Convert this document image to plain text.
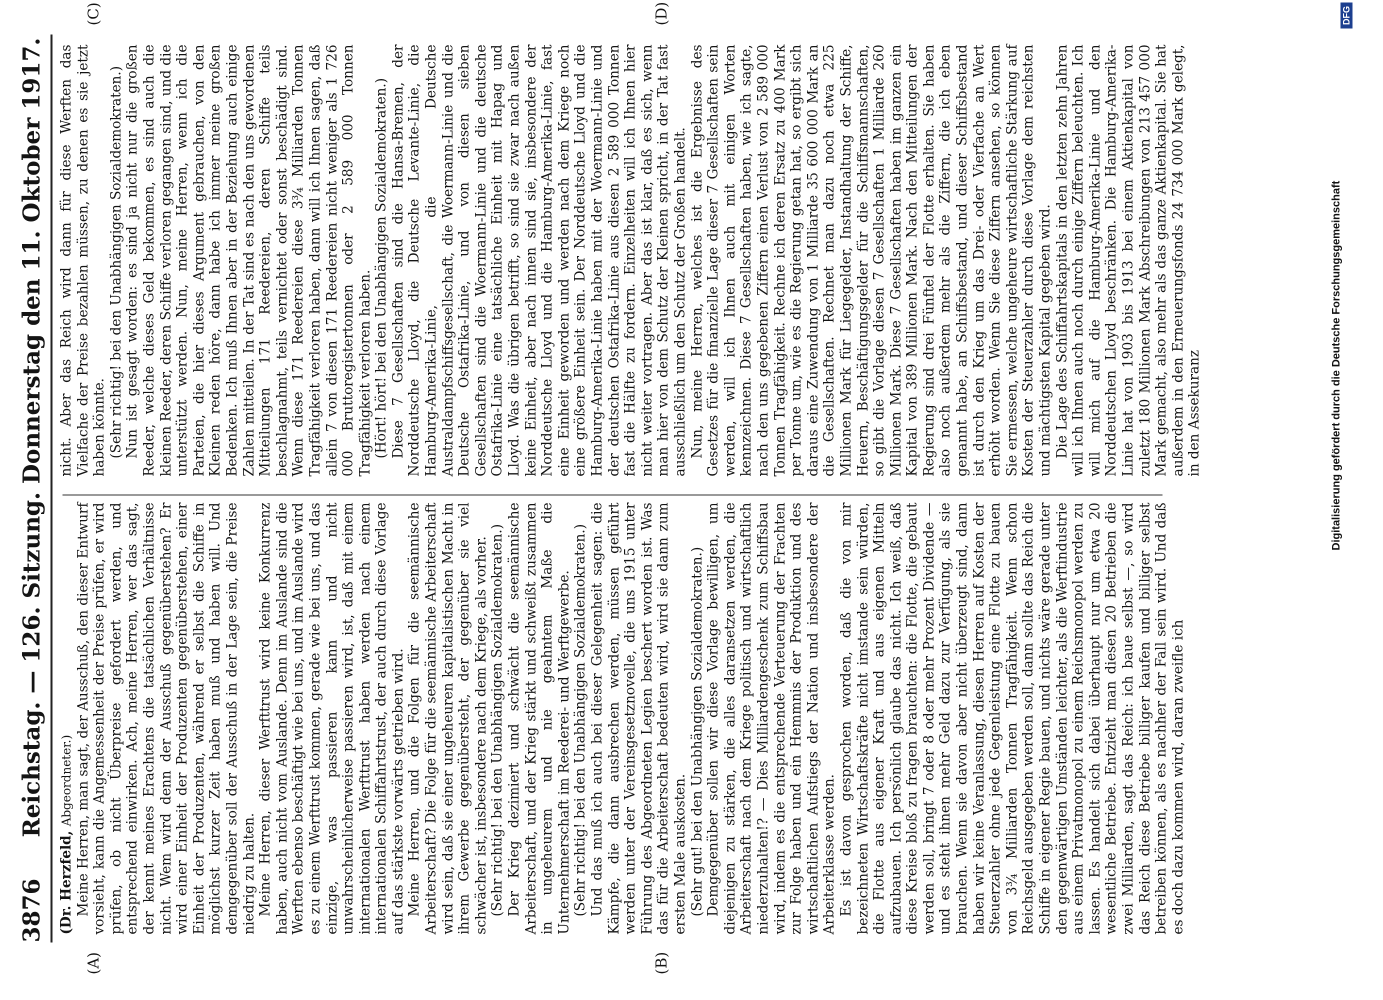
3876
Reichstag. — 126. Sitzung. Donnerstag den 11. Oktober 1917.
(A)	(B)
(C)	(D)

(Dr. Herzfeld, Abgeordneter.) Meine Herren, man sagt, der Ausschuß, den dieser Entwurf vorsieht, kann die Angemessenheit der Preise prüfen, er wird prüfen, ob nicht Überpreise gefordert werden, und entsprechend einwirken. Ach, meine Herren, wer das sagt, der kennt meines Erachtens die tatsächlichen Verhältnisse nicht. Wem wird denn der Ausschuß gegenüberstehen? Er wird einer Einheit der Produzenten gegenüberstehen, einer Einheit der Produzenten, während er selbst die Schiffe in möglichst kurzer Zeit haben muß und haben will. Und demgegenüber soll der Ausschuß in der Lage sein, die Preise niedrig zu halten. Meine Herren, dieser Werfttrust wird keine Konkurrenz haben, auch nicht vom Auslande. Denn im Auslande sind die Werften ebenso beschäftigt wie bei uns, und im Auslande wird es zu einem Werfttrust kommen, gerade wie bei uns, und das einzige, was passieren kann und nicht unwahrscheinlicherweise passieren wird, ist, daß mit einem internationalen Werfttrust haben werden nach einem internationalen Schiffahrtstrust, der auch durch diese Vorlage auf das stärkste vorwärts getrieben wird. Meine Herren, und die Folgen für die seemännische Arbeiterschaft? Die Folge für die seemännische Arbeiterschaft wird sein, daß sie einer ungeheuren kapitalistischen Macht in ihrem Gewerbe gegenübersteht, der gegenüber sie viel schwächer ist, insbesondere nach dem Kriege, als vorher. (Sehr richtig! bei den Unabhängigen Sozialdemokraten.) Der Krieg dezimiert und schwächt die seemännische Arbeiterschaft, und der Krieg stärkt und schweißt zusammen in ungeheurem und nie geahntem Maße die Unternehmerschaft im Reederei- und Werftgewerbe. (Sehr richtig! bei den Unabhängigen Sozialdemokraten.) Und das muß ich auch bei dieser Gelegenheit sagen: die Kämpfe, die dann ausbrechen werden, müssen geführt werden unter der Vereinsgesetznovelle, die uns 1915 unter Führung des Abgeordneten Legien beschert worden ist. Was das für die Arbeiterschaft bedeuten wird, wird sie dann zum ersten Male auskosten. (Sehr gut! bei den Unabhängigen Sozialdemokraten.) Demgegenüber sollen wir diese Vorlage bewilligen, um diejenigen zu stärken, die alles daransetzen werden, die Arbeiterschaft nach dem Kriege politisch und wirtschaftlich niederzuhalten!? — Dies Milliardengeschenk zum Schiffsbau wird, indem es die entsprechende Verteuerung der Frachten zur Folge haben und ein Hemmnis der Produktion und des wirtschaftlichen Aufstiegs der Nation und insbesondere der Arbeiterklasse werden. Es ist davon gesprochen worden, daß die von mir bezeichneten Wirtschaftskräfte nicht imstande sein würden, die Flotte aus eigener Kraft und aus eigenen Mitteln aufzubauen. Ich persönlich glaube das nicht. Ich weiß, daß diese Kreise bloß zu fragen brauchten: die Flotte, die gebaut werden soll, bringt 7 oder 8 oder mehr Prozent Dividende — und es steht ihnen mehr Geld dazu zur Verfügung, als sie brauchen. Wenn sie davon aber nicht überzeugt sind, dann haben wir keine Veranlassung, diesen Herren auf Kosten der Steuerzahler ohne jede Gegenleistung eine Flotte zu bauen von 3¾ Milliarden Tonnen Tragfähigkeit. Wenn schon Reichsgeld ausgegeben werden soll, dann sollte das Reich die Schiffe in eigener Regie bauen, und nichts wäre gerade unter den gegenwärtigen Umständen leichter, als die Werftindustrie aus einem Privatmonopol zu einem Reichsmonopol werden zu lassen. Es handelt sich dabei überhaupt nur um etwa 20 wesentliche Betriebe. Entzieht man diesen 20 Betrieben die zwei Milliarden, sagt das Reich: ich baue selbst —, so wird das Reich diese Betriebe billiger kaufen und billiger selbst betreiben können, als es nachher der Fall sein wird. Und daß es doch dazu kommen wird, daran zweifle ich

nicht. Aber das Reich wird dann für diese Werften das Vielfache der Preise bezahlen müssen, zu denen es sie jetzt haben könnte. (Sehr richtig! bei den Unabhängigen Sozialdemokraten.) Nun ist gesagt worden: es sind ja nicht nur die großen Reeder, welche dieses Geld bekommen, es sind auch die kleinen Reeder, deren Schiffe verloren gegangen sind, und die unterstützt werden. Nun, meine Herren, wenn ich die Parteien, die hier dieses Argument gebrauchen, von den Kleinen reden höre, dann habe ich immer meine großen Bedenken. Ich muß Ihnen aber in der Beziehung auch einige Zahlen mitteilen. In der Tat sind es nach den uns gewordenen Mitteilungen 171 Reedereien, deren Schiffe teils beschlagnahmt, teils vernichtet oder sonst beschädigt sind. Wenn diese 171 Reedereien diese 3¾ Milliarden Tonnen Tragfähigkeit verloren haben, dann will ich Ihnen sagen, daß allein 7 von diesen 171 Reedereien nicht weniger als 1 726 000 Bruttoregistertonnen oder 2 589 000 Tonnen Tragfähigkeit verloren haben. (Hört! hört! bei den Unabhängigen Sozialdemokraten.) Diese 7 Gesellschaften sind die Hansa-Bremen, der Norddeutsche Lloyd, die Deutsche Levante-Linie, die Hamburg-Amerika-Linie, die Deutsche Australdampfschiffsgesellschaft, die Woermann-Linie und die Deutsche Ostafrika-Linie, und von diesen sieben Gesellschaften sind die Woermann-Linie und die deutsche Ostafrika-Linie eine tatsächliche Einheit mit Hapag und Lloyd. Was die übrigen betrifft, so sind sie zwar nach außen keine Einheit, aber nach innen sind sie, insbesondere der Norddeutsche Lloyd und die Hamburg-Amerika-Linie, fast eine Einheit geworden und werden nach dem Kriege noch eine größere Einheit sein. Der Norddeutsche Lloyd und die Hamburg-Amerika-Linie haben mit der Woermann-Linie und der deutschen Ostafrika-Linie aus diesen 2 589 000 Tonnen fast die Hälfte zu fordern. Einzelheiten will ich Ihnen hier nicht weiter vortragen. Aber das ist klar, daß es sich, wenn man hier von dem Schutz der Kleinen spricht, in der Tat fast ausschließlich um den Schutz der Großen handelt. Nun, meine Herren, welches ist die Ergebnisse des Gesetzes für die finanzielle Lage dieser 7 Gesellschaften sein werden, will ich Ihnen auch mit einigen Worten kennzeichnen. Diese 7 Gesellschaften haben, wie ich sagte, nach den uns gegebenen Ziffern einen Verlust von 2 589 000 Tonnen Tragfähigkeit. Rechne ich deren Ersatz zu 400 Mark per Tonne um, wie es die Regierung getan hat, so ergibt sich daraus eine Zuwendung von 1 Milliarde 35 600 000 Mark an die Gesellschaften. Rechnet man dazu noch etwa 225 Millionen Mark für Liegegelder, Instandhaltung der Schiffe, Heuern, Beschäftigungsgelder für die Schiffsmannschaften, so gibt die Vorlage diesen 7 Gesellschaften 1 Milliarde 260 Millionen Mark. Diese 7 Gesellschaften haben im ganzen ein Kapital von 389 Millionen Mark. Nach den Mitteilungen der Regierung sind drei Fünftel der Flotte erhalten. Sie haben also noch außerdem mehr als die Ziffern, die ich eben genannt habe, an Schiffsbestand, und dieser Schiffsbestand ist durch den Krieg um das Drei- oder Vierfache an Wert erhöht worden. Wenn Sie diese Ziffern ansehen, so können Sie ermessen, welche ungeheure wirtschaftliche Stärkung auf Kosten der Steuerzahler durch diese Vorlage dem reichsten und mächtigsten Kapital gegeben wird. Die Lage des Schiffahrtskapitals in den letzten zehn Jahren will ich Ihnen auch noch durch einige Ziffern beleuchten. Ich will mich auf die Hamburg-Amerika-Linie und den Norddeutschen Lloyd beschränken. Die Hamburg-Amerika-Linie hat von 1903 bis 1913 bei einem Aktienkapital von zuletzt 180 Millionen Mark Abschreibungen von 213 457 000 Mark gemacht, also mehr als das ganze Aktienkapital. Sie hat außerdem in den Erneuerungsfonds 24 734 000 Mark gelegt, in den Assekuranz	Digitalisierung gefördert durch die Deutsche Forschungsgemeinschaft
DFG
